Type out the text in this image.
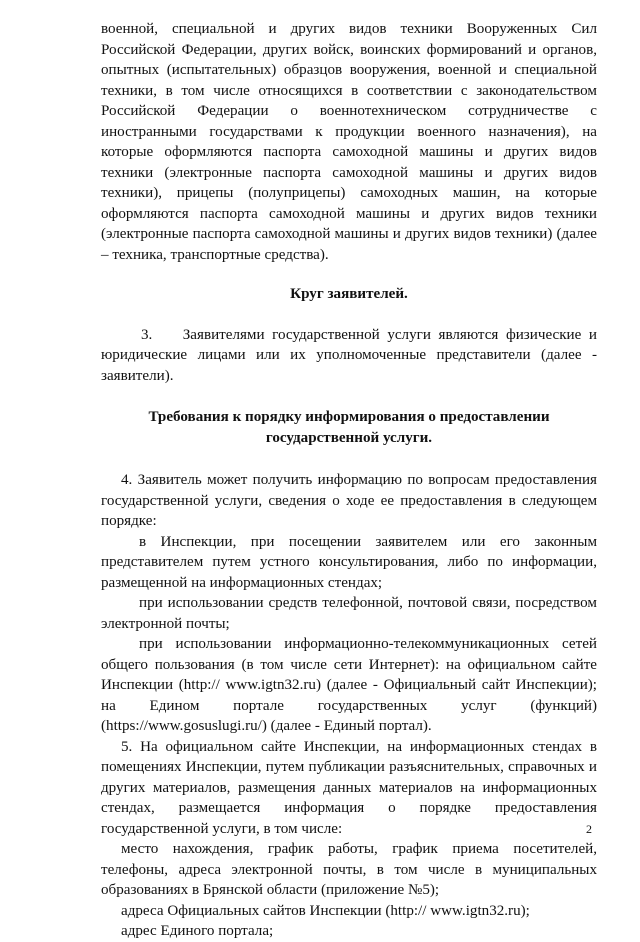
военной, специальной и других видов техники Вооруженных Сил Российской Федерации, других войск, воинских формирований и органов, опытных (испытательных) образцов вооружения, военной и специальной техники, в том числе относящихся в соответствии с законодательством Российской Федерации о военнотехническом сотрудничестве с иностранными государствами к продукции военного назначения), на которые оформляются паспорта самоходной машины и других видов техники (электронные паспорта самоходной машины и других видов техники), прицепы (полуприцепы) самоходных машин, на которые оформляются паспорта самоходной машины и других видов техники (электронные паспорта самоходной машины и других видов техники) (далее – техника, транспортные средства).

Круг заявителей.

3. Заявителями государственной услуги являются физические и юридические лицами или их уполномоченные представители (далее - заявители).

Требования к порядку информирования о предоставлении
государственной услуги.

4. Заявитель может получить информацию по вопросам предоставления государственной услуги, сведения о ходе ее предоставления в следующем порядке:

в Инспекции, при посещении заявителем или его законным представителем путем устного консультирования, либо по информации, размещенной на информационных стендах;

при использовании средств телефонной, почтовой связи, посредством электронной почты;

при использовании информационно-телекоммуникационных сетей общего пользования (в том числе сети Интернет): на официальном сайте Инспекции (http:// www.igtn32.ru) (далее - Официальный сайт Инспекции); на Едином портале государственных услуг (функций) (https://www.gosuslugi.ru/) (далее - Единый портал).

5. На официальном сайте Инспекции, на информационных стендах в помещениях Инспекции, путем публикации разъяснительных, справочных и других материалов, размещения данных материалов на информационных стендах, размещается информация о порядке предоставления государственной услуги, в том числе:

место нахождения, график работы, график приема посетителей, телефоны, адреса электронной почты, в том числе в муниципальных образованиях в Брянской области (приложение №5);

адреса Официальных сайтов Инспекции (http:// www.igtn32.ru);

адрес Единого портала;

2
